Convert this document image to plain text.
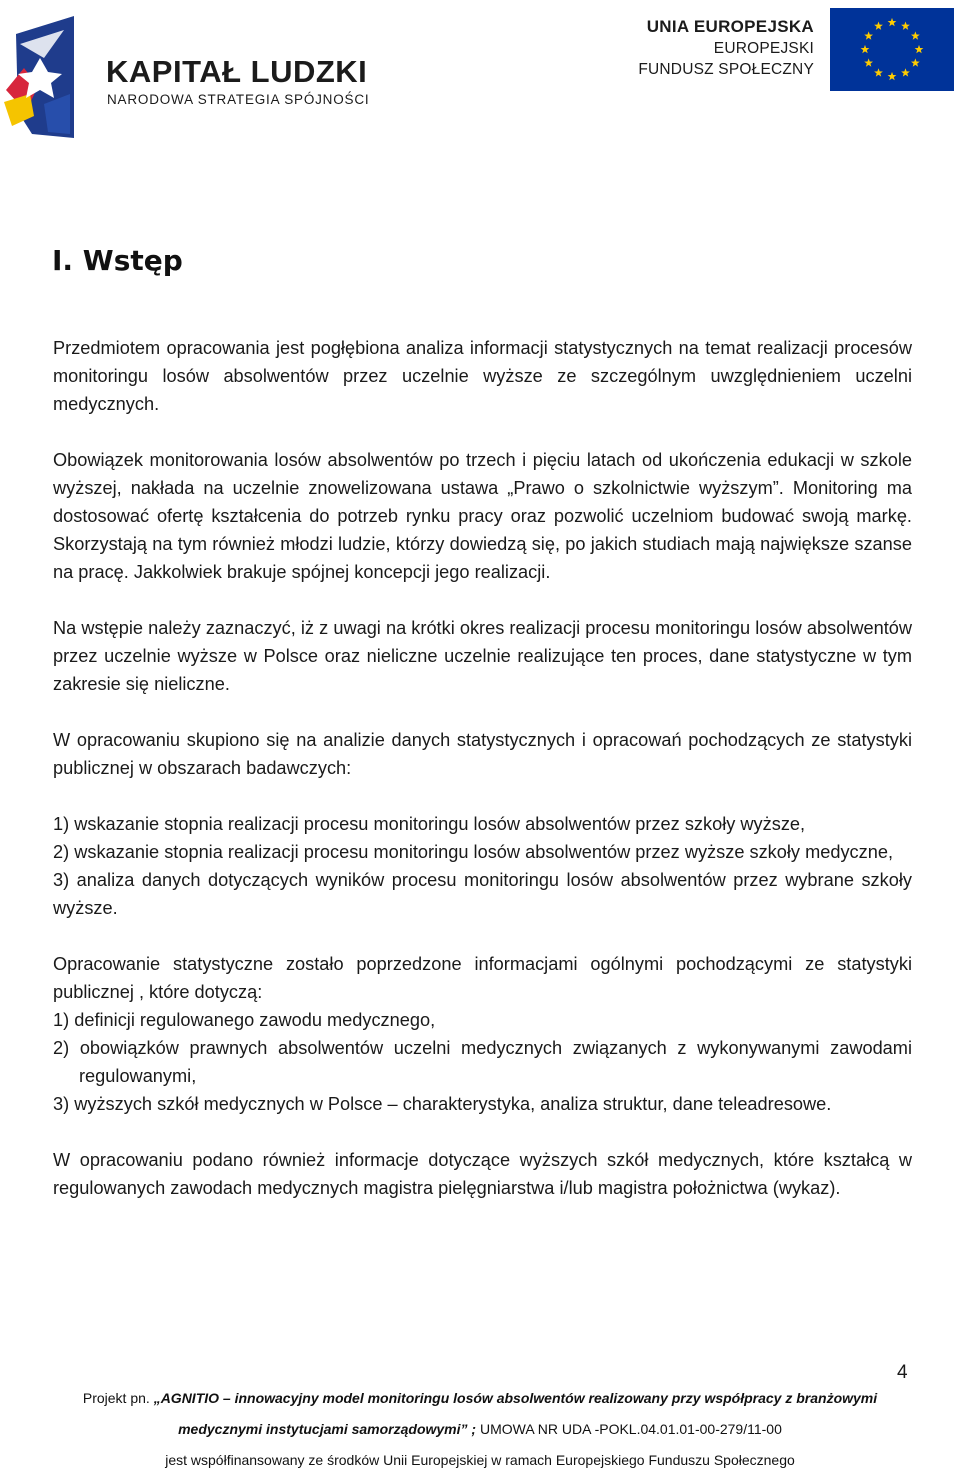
KAPITAŁ LUDZKI
NARODOWA STRATEGIA SPÓJNOŚCI
UNIA EUROPEJSKA
EUROPEJSKI
FUNDUSZ SPOŁECZNY
I. Wstęp

Przedmiotem opracowania jest pogłębiona analiza informacji statystycznych na temat realizacji procesów monitoringu losów absolwentów przez uczelnie wyższe ze szczególnym uwzględnieniem uczelni medycznych.

Obowiązek monitorowania losów absolwentów po trzech i pięciu latach od ukończenia edukacji w szkole wyższej, nakłada na uczelnie znowelizowana ustawa „Prawo o szkolnictwie wyższym”. Monitoring ma dostosować ofertę kształcenia do potrzeb rynku pracy oraz pozwolić uczelniom budować swoją markę. Skorzystają na tym również młodzi ludzie, którzy dowiedzą się, po jakich studiach mają największe szanse na pracę. Jakkolwiek brakuje spójnej koncepcji jego realizacji.

Na wstępie należy zaznaczyć, iż z uwagi na krótki okres realizacji procesu monitoringu losów absolwentów przez uczelnie wyższe w Polsce oraz nieliczne uczelnie realizujące ten proces, dane statystyczne w tym zakresie się nieliczne.

W opracowaniu skupiono się na analizie danych statystycznych i opracowań pochodzących ze statystyki publicznej w obszarach badawczych:

1) wskazanie stopnia realizacji procesu monitoringu losów absolwentów przez szkoły wyższe,

2) wskazanie stopnia realizacji procesu monitoringu losów absolwentów przez wyższe szkoły medyczne,

3) analiza danych dotyczących wyników procesu monitoringu losów absolwentów przez wybrane szkoły wyższe.

Opracowanie statystyczne zostało poprzedzone informacjami ogólnymi pochodzącymi ze statystyki publicznej , które dotyczą:

1) definicji regulowanego zawodu medycznego,

2) obowiązków prawnych absolwentów uczelni medycznych związanych z wykonywanymi zawodami regulowanymi,

3) wyższych szkół medycznych w Polsce – charakterystyka, analiza struktur, dane teleadresowe.

W opracowaniu podano również informacje dotyczące wyższych szkół medycznych, które kształcą w regulowanych zawodach medycznych magistra pielęgniarstwa i/lub magistra położnictwa (wykaz).

4
Projekt pn. „AGNITIO – innowacyjny model monitoringu losów absolwentów realizowany przy współpracy z branżowymi
medycznymi instytucjami samorządowymi” ; UMOWA NR UDA -POKL.04.01.01-00-279/11-00
jest współfinansowany ze środków Unii Europejskiej w ramach Europejskiego Funduszu Społecznego
